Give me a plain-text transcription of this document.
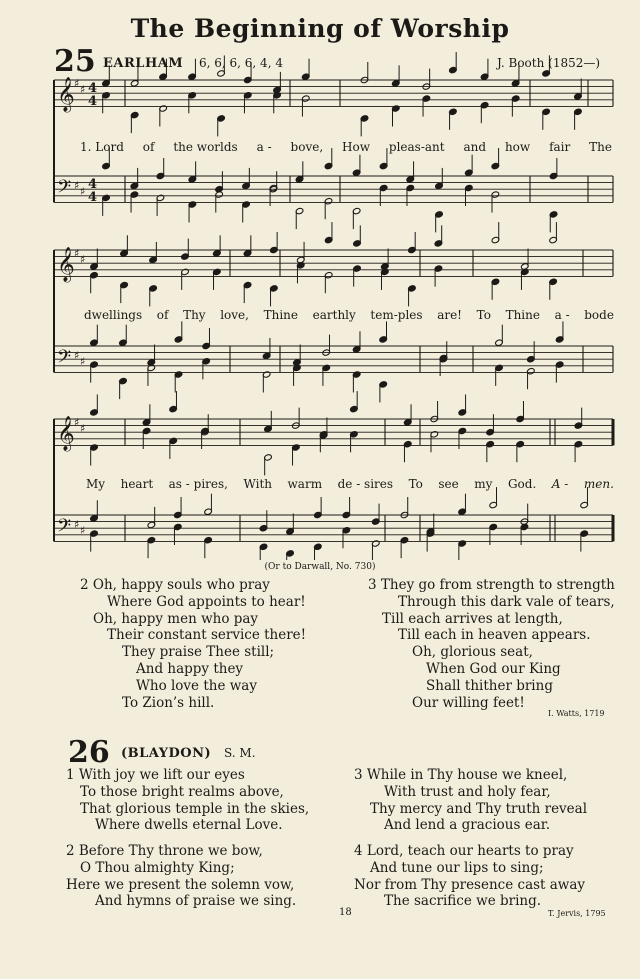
The Beginning of Worship
25 EARLHAM 6, 6, 6, 6, 4, 4	J. Booth (1852—)
𝄞 ♯ ♯ 4
4
𝄢 ♯ ♯ 4
4
𝄞 ♯ ♯
𝄢 ♯ ♯
𝄞 ♯ ♯
𝄢 ♯ ♯
1. Lord of the worlds a - bove, How pleas-ant and how fair The
dwellings of Thy love, Thine earthly tem-ples are! To Thine a - bode
My heart as - pires, With warm de - sires To see my God. A - men.
(Or to Darwall, No. 730)
2 Oh, happy souls who pray
Where God appoints to hear!
Oh, happy men who pay
Their constant service there!
They praise Thee still;
And happy they
Who love the way
To Zion’s hill.
3 They go from strength to strength
Through this dark vale of tears,
Till each arrives at length,
Till each in heaven appears.
Oh, glorious seat,
When God our King
Shall thither bring
Our willing feet!
I. Watts, 1719
26 (BLAYDON) S. M.
1 With joy we lift our eyes
To those bright realms above,
That glorious temple in the skies,
Where dwells eternal Love.
3 While in Thy house we kneel,
With trust and holy fear,
Thy mercy and Thy truth reveal
And lend a gracious ear.
2 Before Thy throne we bow,
O Thou almighty King;
Here we present the solemn vow,
And hymns of praise we sing.
4 Lord, teach our hearts to pray
And tune our lips to sing;
Nor from Thy presence cast away
The sacrifice we bring.
18	T. Jervis, 1795
